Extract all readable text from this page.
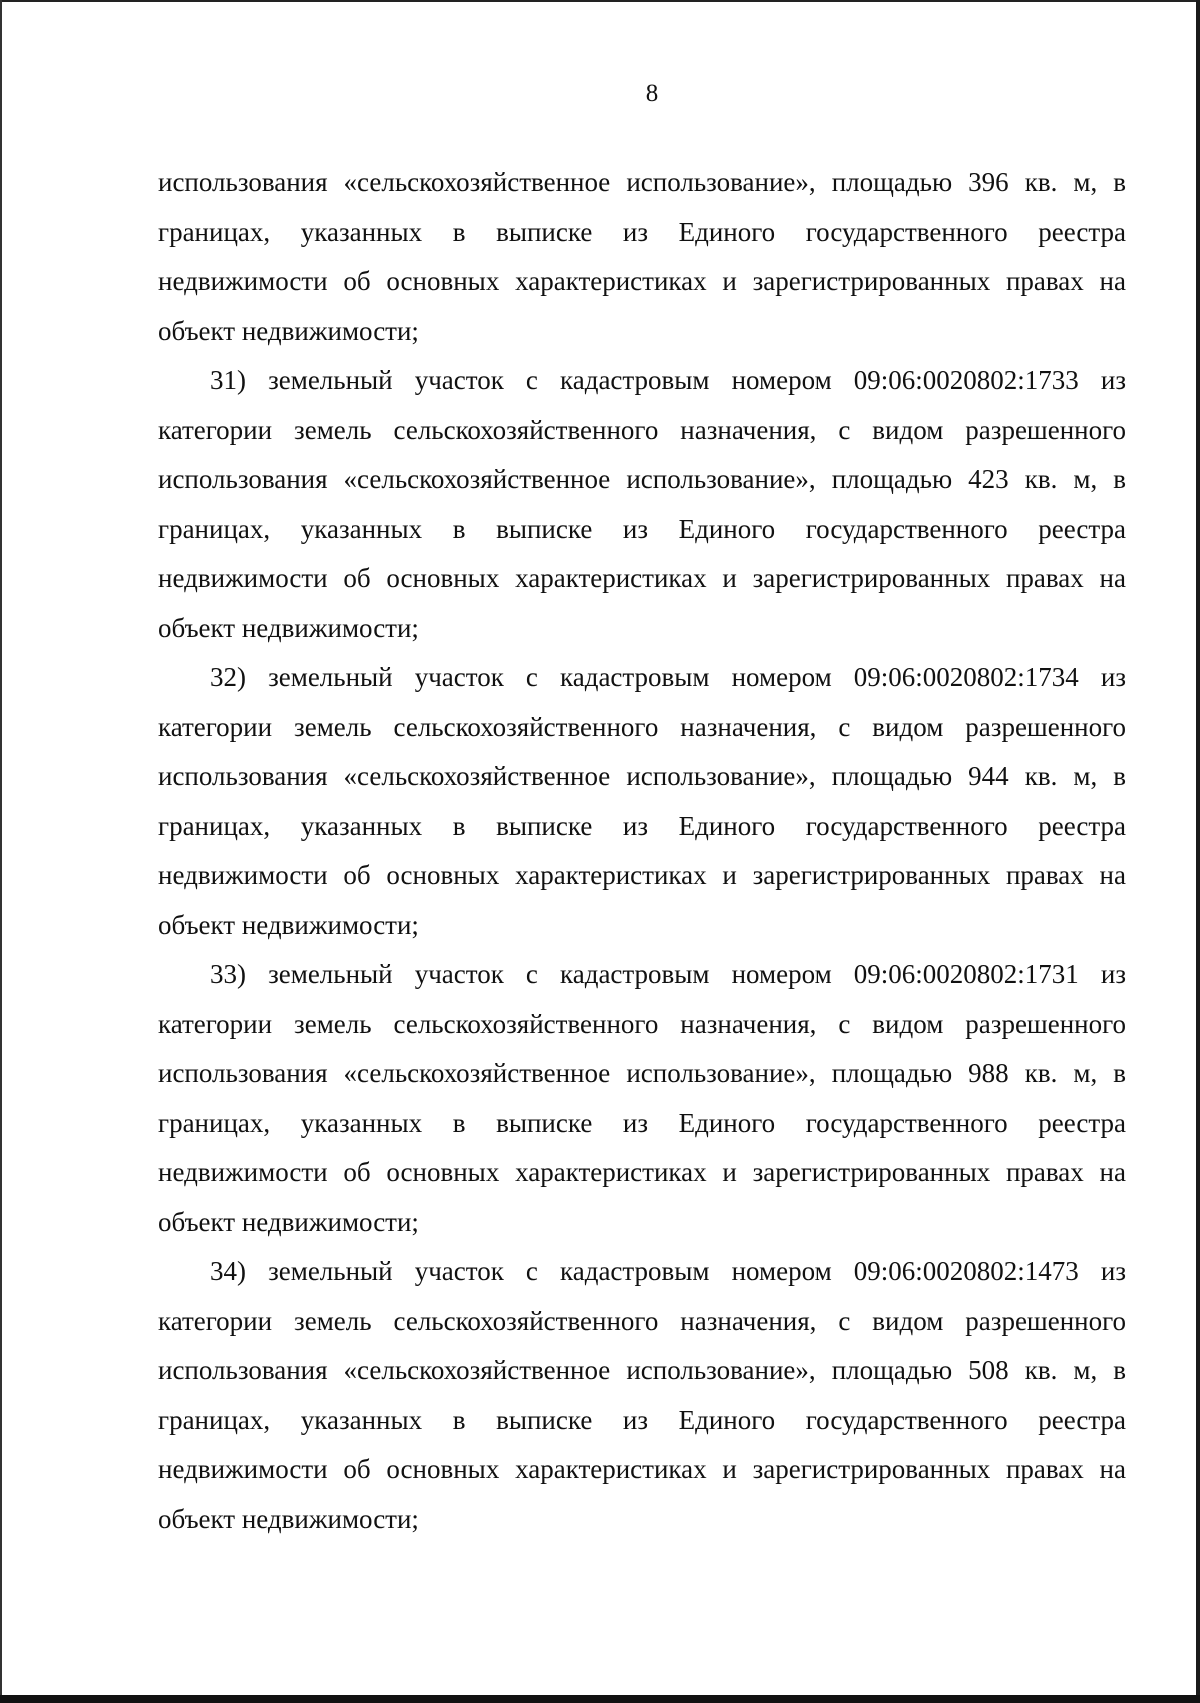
8

использования «сельскохозяйственное использование», площадью 396 кв. м, в границах, указанных в выписке из Единого государственного реестра недвижимости об основных характеристиках и зарегистрированных правах на объект недвижимости;

31) земельный участок с кадастровым номером 09:06:0020802:1733 из категории земель сельскохозяйственного назначения, с видом разрешенного использования «сельскохозяйственное использование», площадью 423 кв. м, в границах, указанных в выписке из Единого государственного реестра недвижимости об основных характеристиках и зарегистрированных правах на объект недвижимости;

32) земельный участок с кадастровым номером 09:06:0020802:1734 из категории земель сельскохозяйственного назначения, с видом разрешенного использования «сельскохозяйственное использование», площадью 944 кв. м, в границах, указанных в выписке из Единого государственного реестра недвижимости об основных характеристиках и зарегистрированных правах на объект недвижимости;

33) земельный участок с кадастровым номером 09:06:0020802:1731 из категории земель сельскохозяйственного назначения, с видом разрешенного использования «сельскохозяйственное использование», площадью 988 кв. м, в границах, указанных в выписке из Единого государственного реестра недвижимости об основных характеристиках и зарегистрированных правах на объект недвижимости;

34) земельный участок с кадастровым номером 09:06:0020802:1473 из категории земель сельскохозяйственного назначения, с видом разрешенного использования «сельскохозяйственное использование», площадью 508 кв. м, в границах, указанных в выписке из Единого государственного реестра недвижимости об основных характеристиках и зарегистрированных правах на объект недвижимости;
